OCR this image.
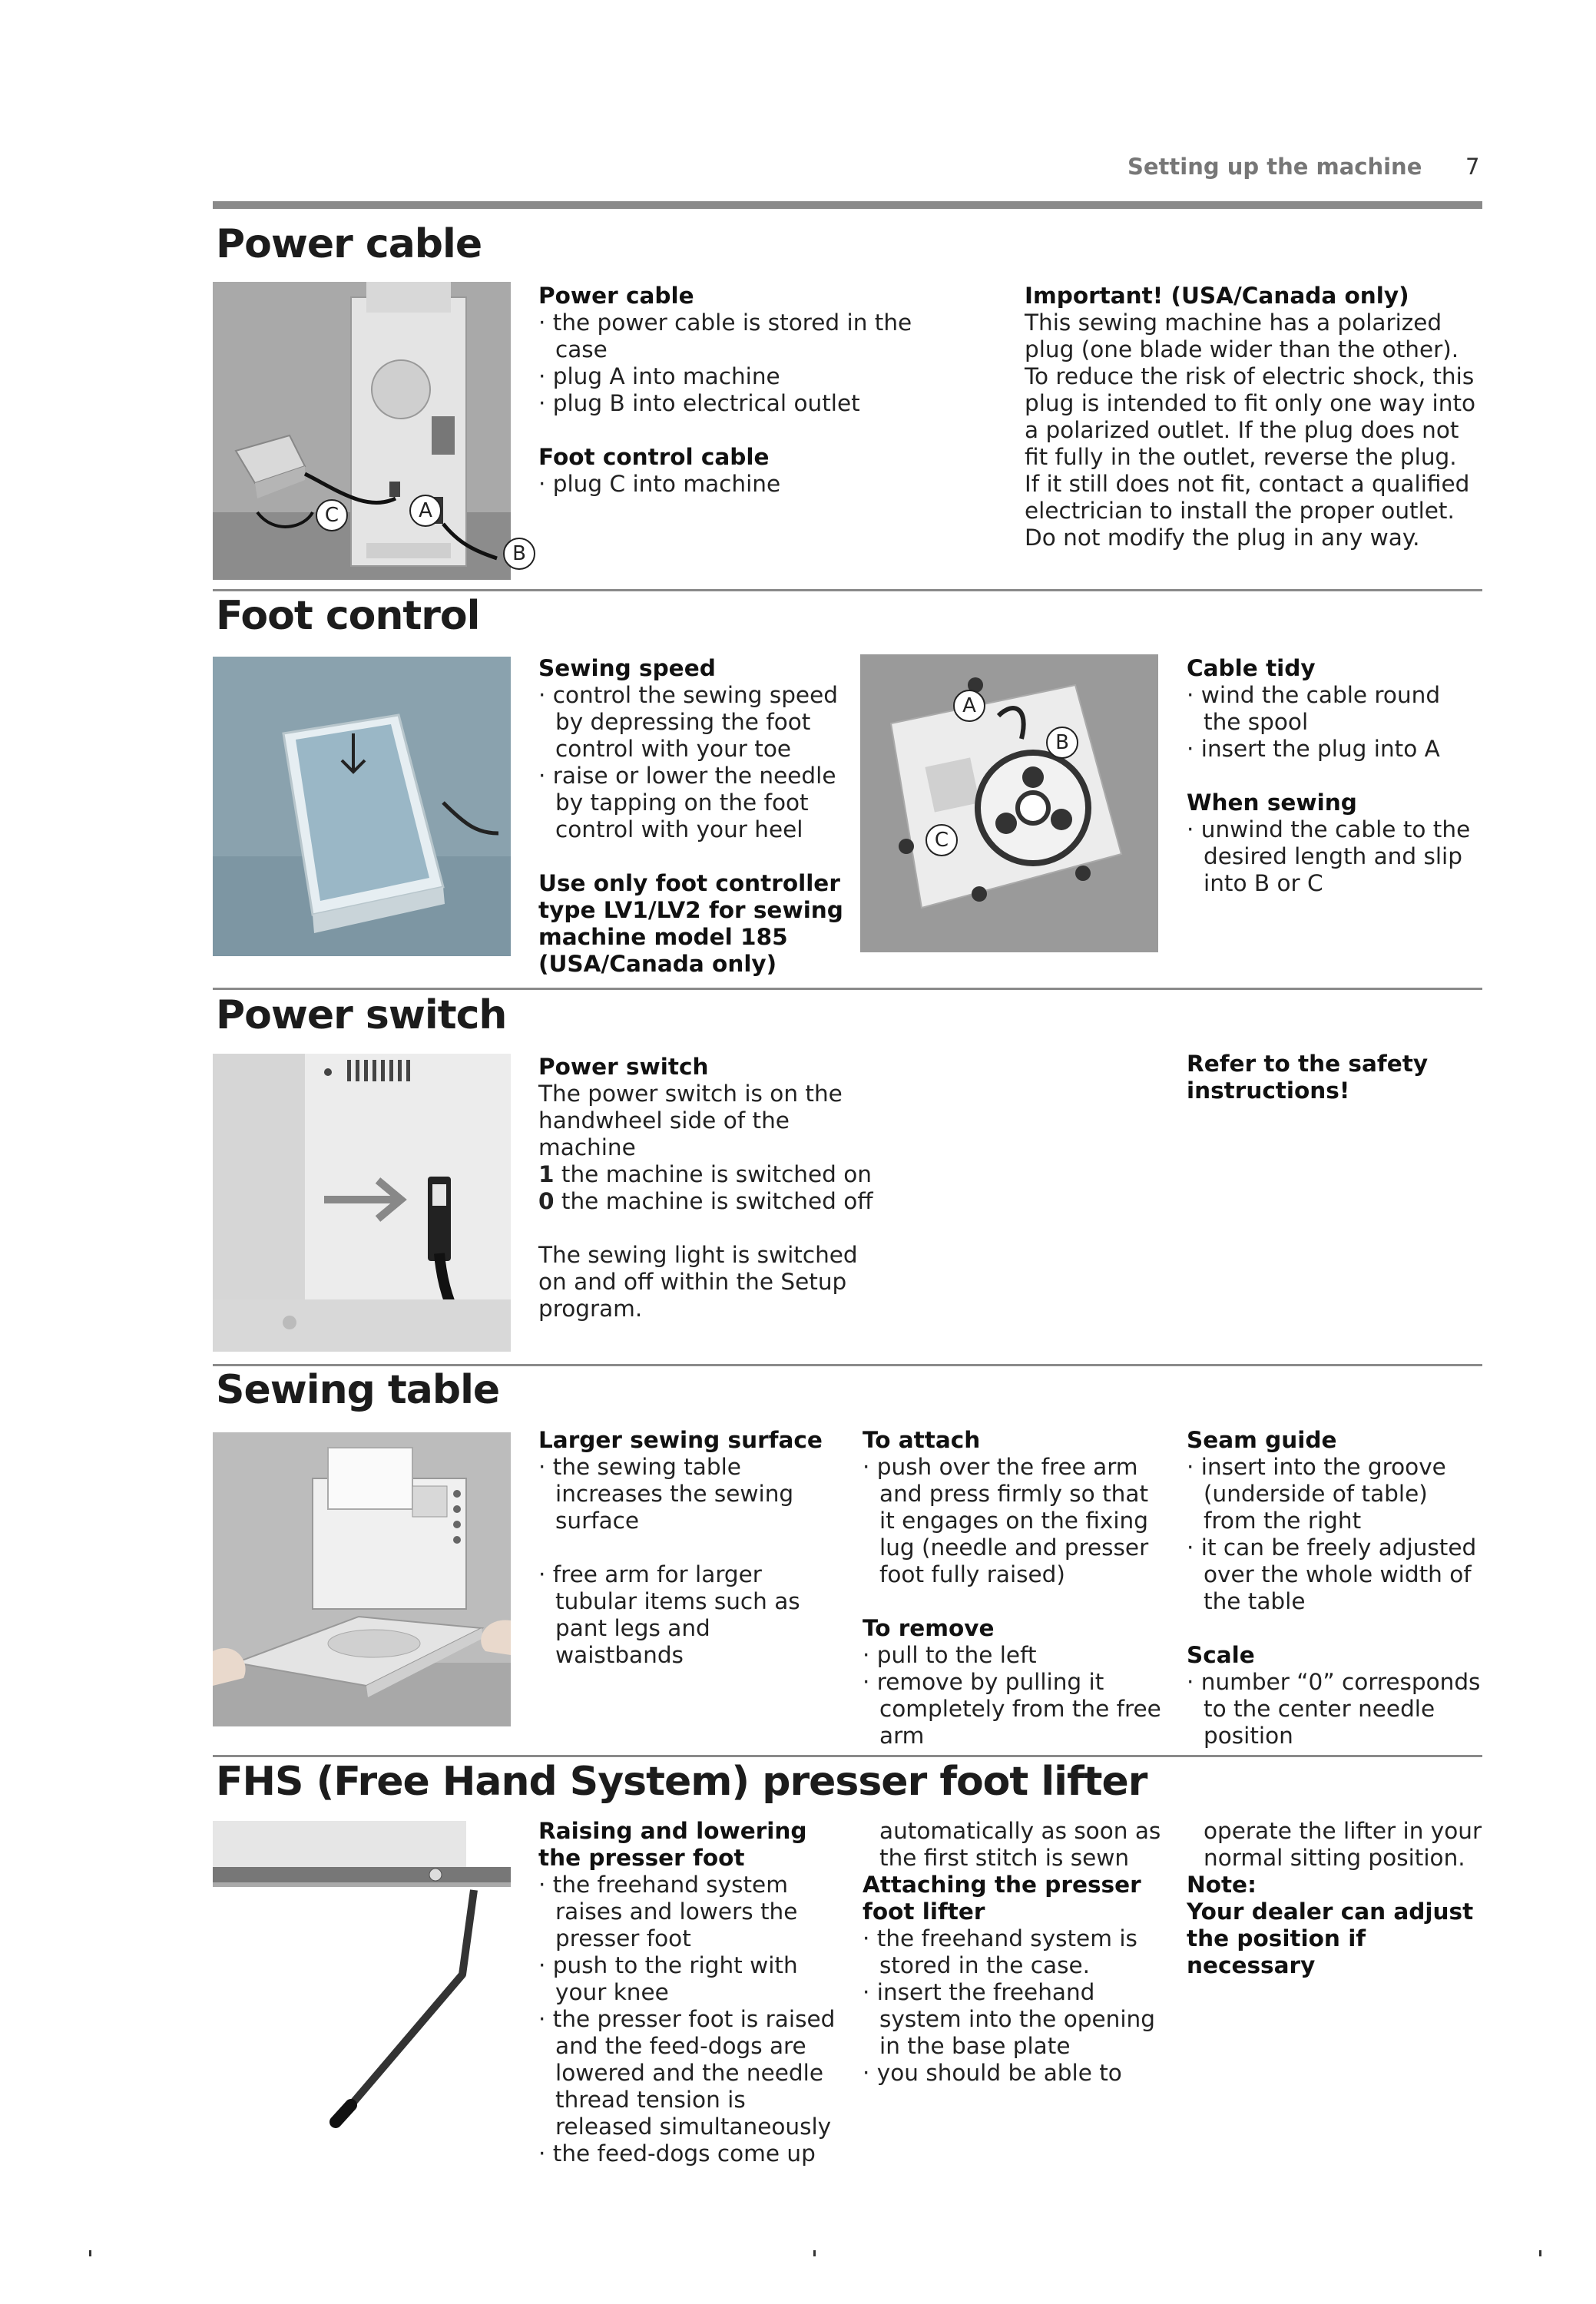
Setting up the machine 7
Power cable
C	A
B
Power cable
· the power cable is stored in the case
· plug A into machine
· plug B into electrical outlet
Foot control cable
· plug C into machine
Important! (USA/Canada only)

This sewing machine has a polarized plug (one blade wider than the other). To reduce the risk of electric shock, this plug is intended to fit only one way into a polarized outlet. If the plug does not fit fully in the outlet, reverse the plug. If it still does not fit, contact a qualified electrician to install the proper outlet. Do not modify the plug in any way.

Foot control
Sewing speed
· control the sewing speed by depressing the foot control with your toe
· raise or lower the needle by tapping on the foot control with your heel
Use only foot controller type LV1/LV2 for sewing machine model 185 (USA/Canada only)
A
B
C
Cable tidy
· wind the cable round the spool
· insert the plug into A
When sewing
· unwind the cable to the desired length and slip into B or C
Power switch
Power switch

The power switch is on the handwheel side of the machine

1 the machine is switched on

0 the machine is switched off

The sewing light is switched on and off within the Setup program.

Refer to the safety instructions!
Sewing table
Larger sewing surface
· the sewing table increases the sewing surface
· free arm for larger tubular items such as pant legs and waistbands
To attach
· push over the free arm and press firmly so that it engages on the fixing lug (needle and presser foot fully raised)
To remove
· pull to the left
· remove by pulling it completely from the free arm
Seam guide
· insert into the groove (underside of table) from the right
· it can be freely adjusted over the whole width of the table
Scale
· number “0” corresponds to the center needle position
FHS (Free Hand System) presser foot lifter
Raising and lowering the presser foot
· the freehand system raises and lowers the presser foot
· push to the right with your knee
· the presser foot is raised and the feed-dogs are lowered and the needle thread tension is released simultaneously
· the feed-dogs come up

automatically as soon as the first stitch is sewn

Attaching the presser foot lifter
· the freehand system is stored in the case.
· insert the freehand system into the opening in the base plate
· you should be able to

operate the lifter in your normal sitting position.

Note:
Your dealer can adjust the position if necessary
